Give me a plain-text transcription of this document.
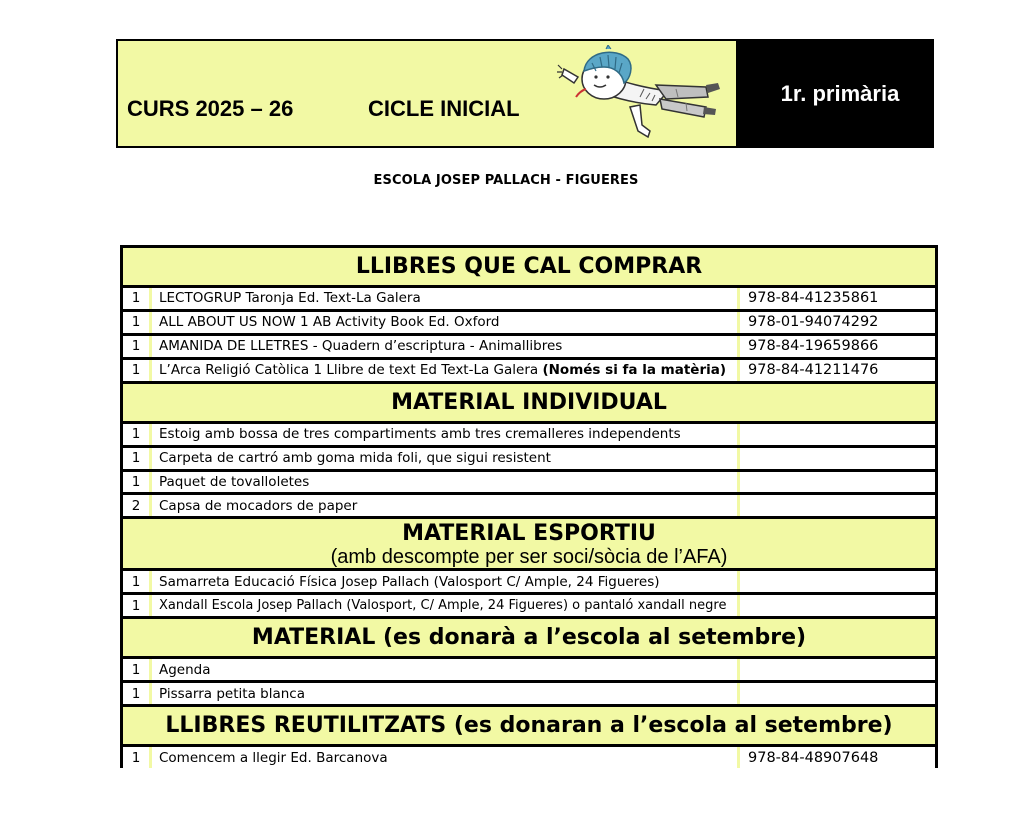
CURS 2025 – 26	CICLE INICIAL
1r. primària
ESCOLA JOSEP PALLACH - FIGUERES
LLIBRES QUE CAL COMPRAR
1	LECTOGRUP Taronja Ed. Text-La Galera	978-84-41235861
1	ALL ABOUT US NOW 1 AB Activity Book Ed. Oxford	978-01-94074292
1	AMANIDA DE LLETRES - Quadern d’escriptura - Animallibres	978-84-19659866
1	L’Arca Religió Catòlica 1 Llibre de text Ed Text-La Galera (Només si fa la matèria)	978-84-41211476
MATERIAL INDIVIDUAL
1	Estoig amb bossa de tres compartiments amb tres cremalleres independents
1	Carpeta de cartró amb goma mida foli, que sigui resistent
1	Paquet de tovalloletes
2	Capsa de mocadors de paper
MATERIAL ESPORTIU
(amb descompte per ser soci/sòcia de l’AFA)
1	Samarreta Educació Física Josep Pallach (Valosport C/ Ample, 24 Figueres)
1	Xandall Escola Josep Pallach (Valosport, C/ Ample, 24 Figueres) o pantaló xandall negre
MATERIAL (es donarà a l’escola al setembre)
1	Agenda
1	Pissarra petita blanca
LLIBRES REUTILITZATS (es donaran a l’escola al setembre)
1	Comencem a llegir Ed. Barcanova	978-84-48907648
